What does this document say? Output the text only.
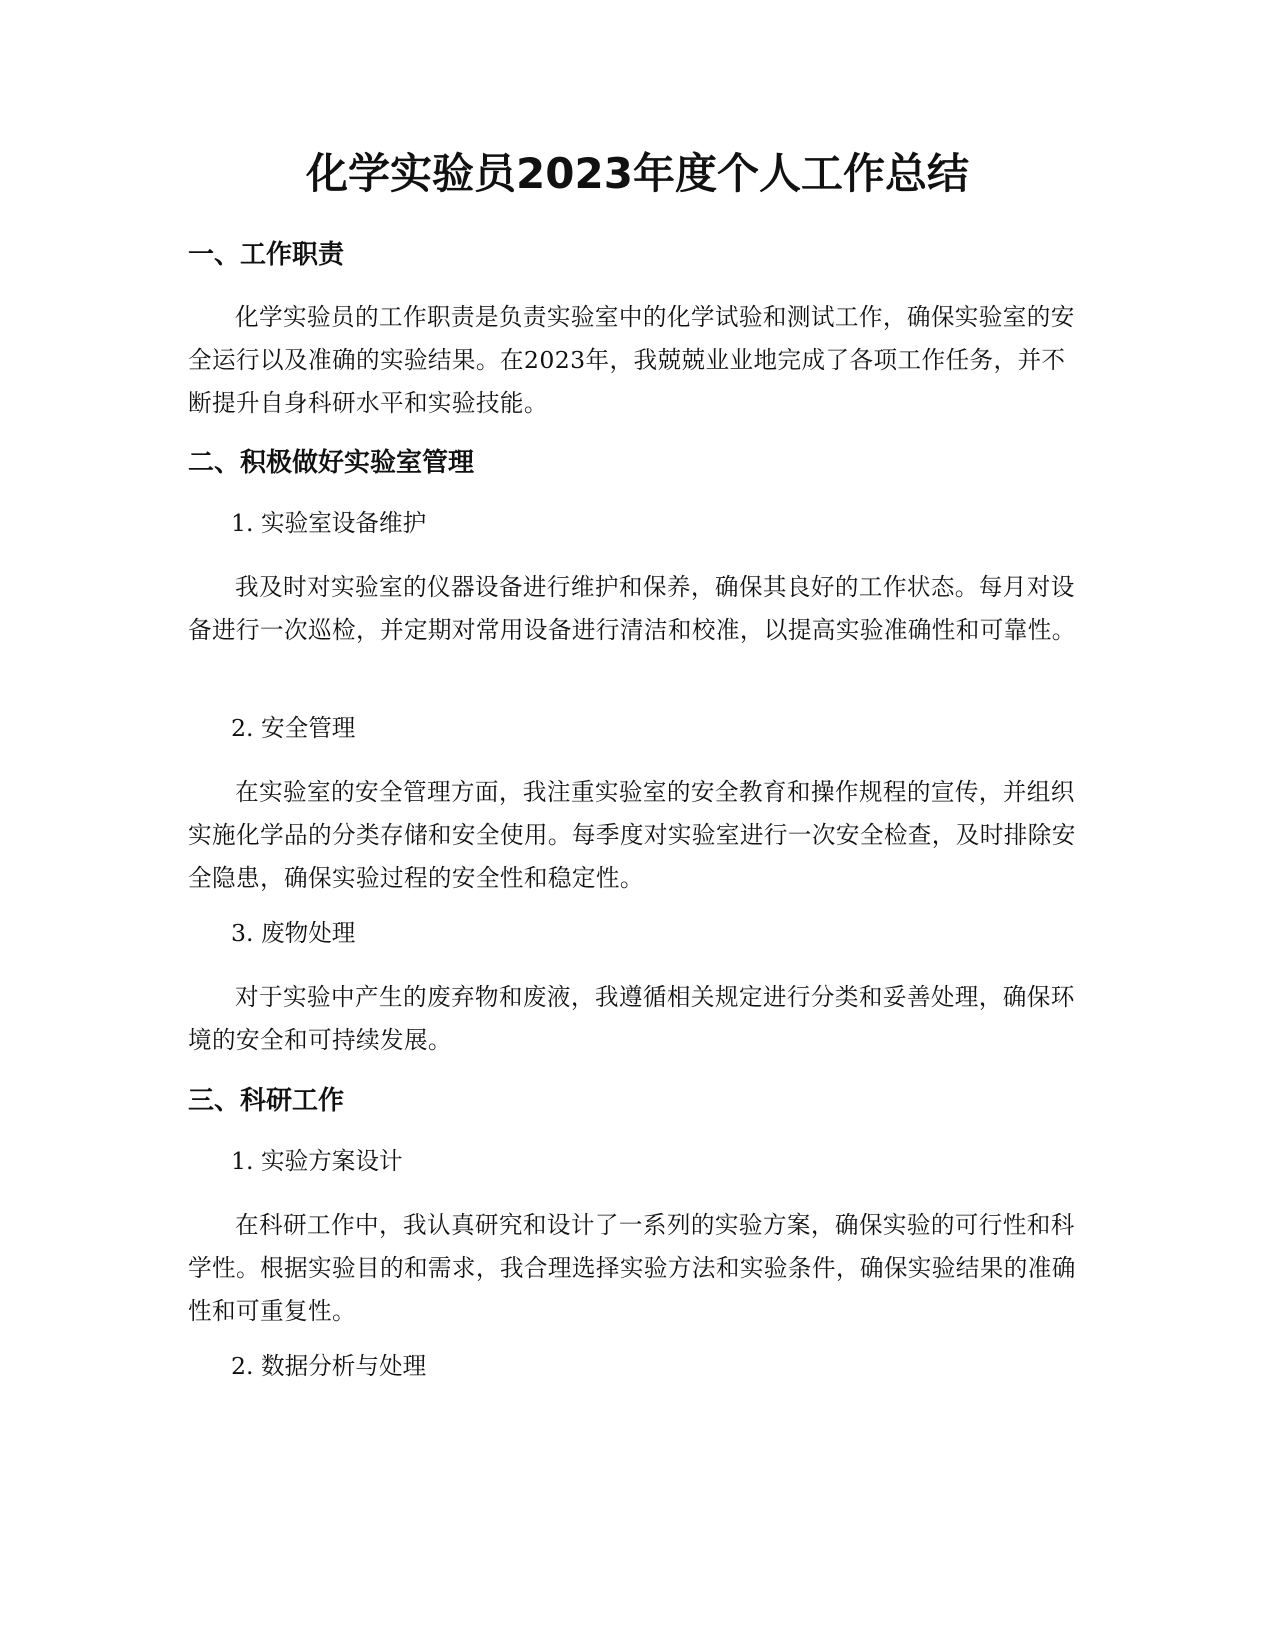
化学实验员2023年度个人工作总结
一、工作职责

化学实验员的工作职责是负责实验室中的化学试验和测试工作，确保实验室的安全运行以及准确的实验结果。在2023年，我兢兢业业地完成了各项工作任务，并不断提升自身科研水平和实验技能。

二、积极做好实验室管理

1. 实验室设备维护

我及时对实验室的仪器设备进行维护和保养，确保其良好的工作状态。每月对设备进行一次巡检，并定期对常用设备进行清洁和校准，以提高实验准确性和可靠性。

2. 安全管理

在实验室的安全管理方面，我注重实验室的安全教育和操作规程的宣传，并组织实施化学品的分类存储和安全使用。每季度对实验室进行一次安全检查，及时排除安全隐患，确保实验过程的安全性和稳定性。

3. 废物处理

对于实验中产生的废弃物和废液，我遵循相关规定进行分类和妥善处理，确保环境的安全和可持续发展。

三、科研工作

1. 实验方案设计

在科研工作中，我认真研究和设计了一系列的实验方案，确保实验的可行性和科学性。根据实验目的和需求，我合理选择实验方法和实验条件，确保实验结果的准确性和可重复性。

2. 数据分析与处理
